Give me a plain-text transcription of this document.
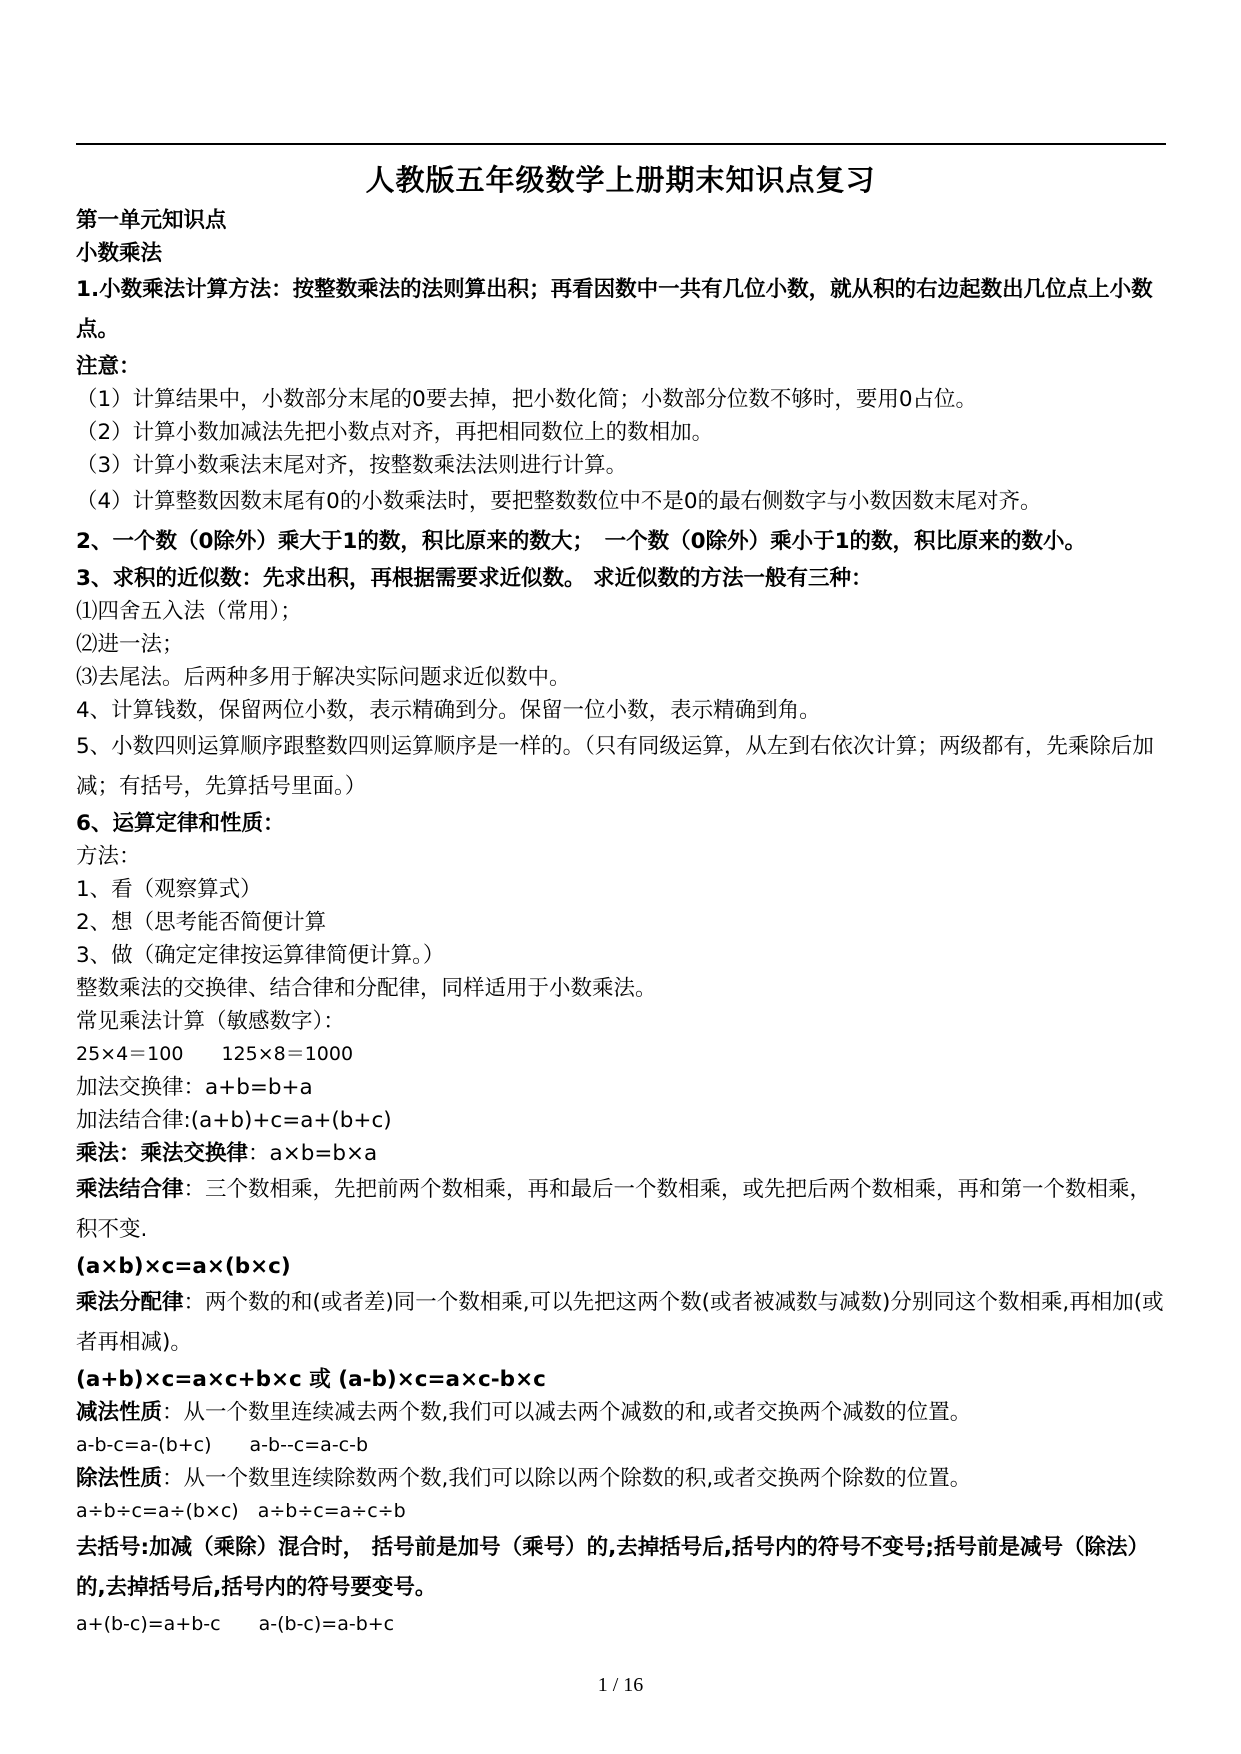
人教版五年级数学上册期末知识点复习
第一单元知识点
小数乘法
1.小数乘法计算方法：按整数乘法的法则算出积；再看因数中一共有几位小数，就从积的右边起数出几位点上小数点。
注意：
（1）计算结果中，小数部分末尾的0要去掉，把小数化简；小数部分位数不够时，要用0占位。
（2）计算小数加减法先把小数点对齐，再把相同数位上的数相加。
（3）计算小数乘法末尾对齐，按整数乘法法则进行计算。
（4）计算整数因数末尾有0的小数乘法时，要把整数数位中不是0的最右侧数字与小数因数末尾对齐。
2、一个数（0除外）乘大于1的数，积比原来的数大；　一个数（0除外）乘小于1的数，积比原来的数小。
3、求积的近似数：先求出积，再根据需要求近似数。 求近似数的方法一般有三种：
⑴四舍五入法（常用）；
⑵进一法；
⑶去尾法。后两种多用于解决实际问题求近似数中。
4、计算钱数，保留两位小数，表示精确到分。保留一位小数，表示精确到角。
5、小数四则运算顺序跟整数四则运算顺序是一样的。（只有同级运算，从左到右依次计算；两级都有，先乘除后加减；有括号，先算括号里面。）
6、运算定律和性质：
方法：
1、看（观察算式）
2、想（思考能否简便计算
3、做（确定定律按运算律简便计算。）
整数乘法的交换律、结合律和分配律，同样适用于小数乘法。
常见乘法计算（敏感数字）：
25×4＝100　　125×8＝1000
加法交换律：a+b=b+a
加法结合律:(a+b)+c=a+(b+c)
乘法：乘法交换律：a×b=b×a
乘法结合律：三个数相乘，先把前两个数相乘，再和最后一个数相乘，或先把后两个数相乘，再和第一个数相乘，积不变.
(a×b)×c=a×(b×c)
乘法分配律：两个数的和(或者差)同一个数相乘,可以先把这两个数(或者被减数与减数)分别同这个数相乘,再相加(或者再相减)。
(a+b)×c=a×c+b×c 或 (a-b)×c=a×c-b×c
减法性质：从一个数里连续减去两个数,我们可以减去两个减数的和,或者交换两个减数的位置。
a-b-c=a-(b+c)　　a-b--c=a-c-b
除法性质：从一个数里连续除数两个数,我们可以除以两个除数的积,或者交换两个除数的位置。
a÷b÷c=a÷(b×c)　a÷b÷c=a÷c÷b
去括号:加减（乘除）混合时， 括号前是加号（乘号）的,去掉括号后,括号内的符号不变号;括号前是减号（除法）的,去掉括号后,括号内的符号要变号。
a+(b-c)=a+b-c　　a-(b-c)=a-b+c
1 / 16
